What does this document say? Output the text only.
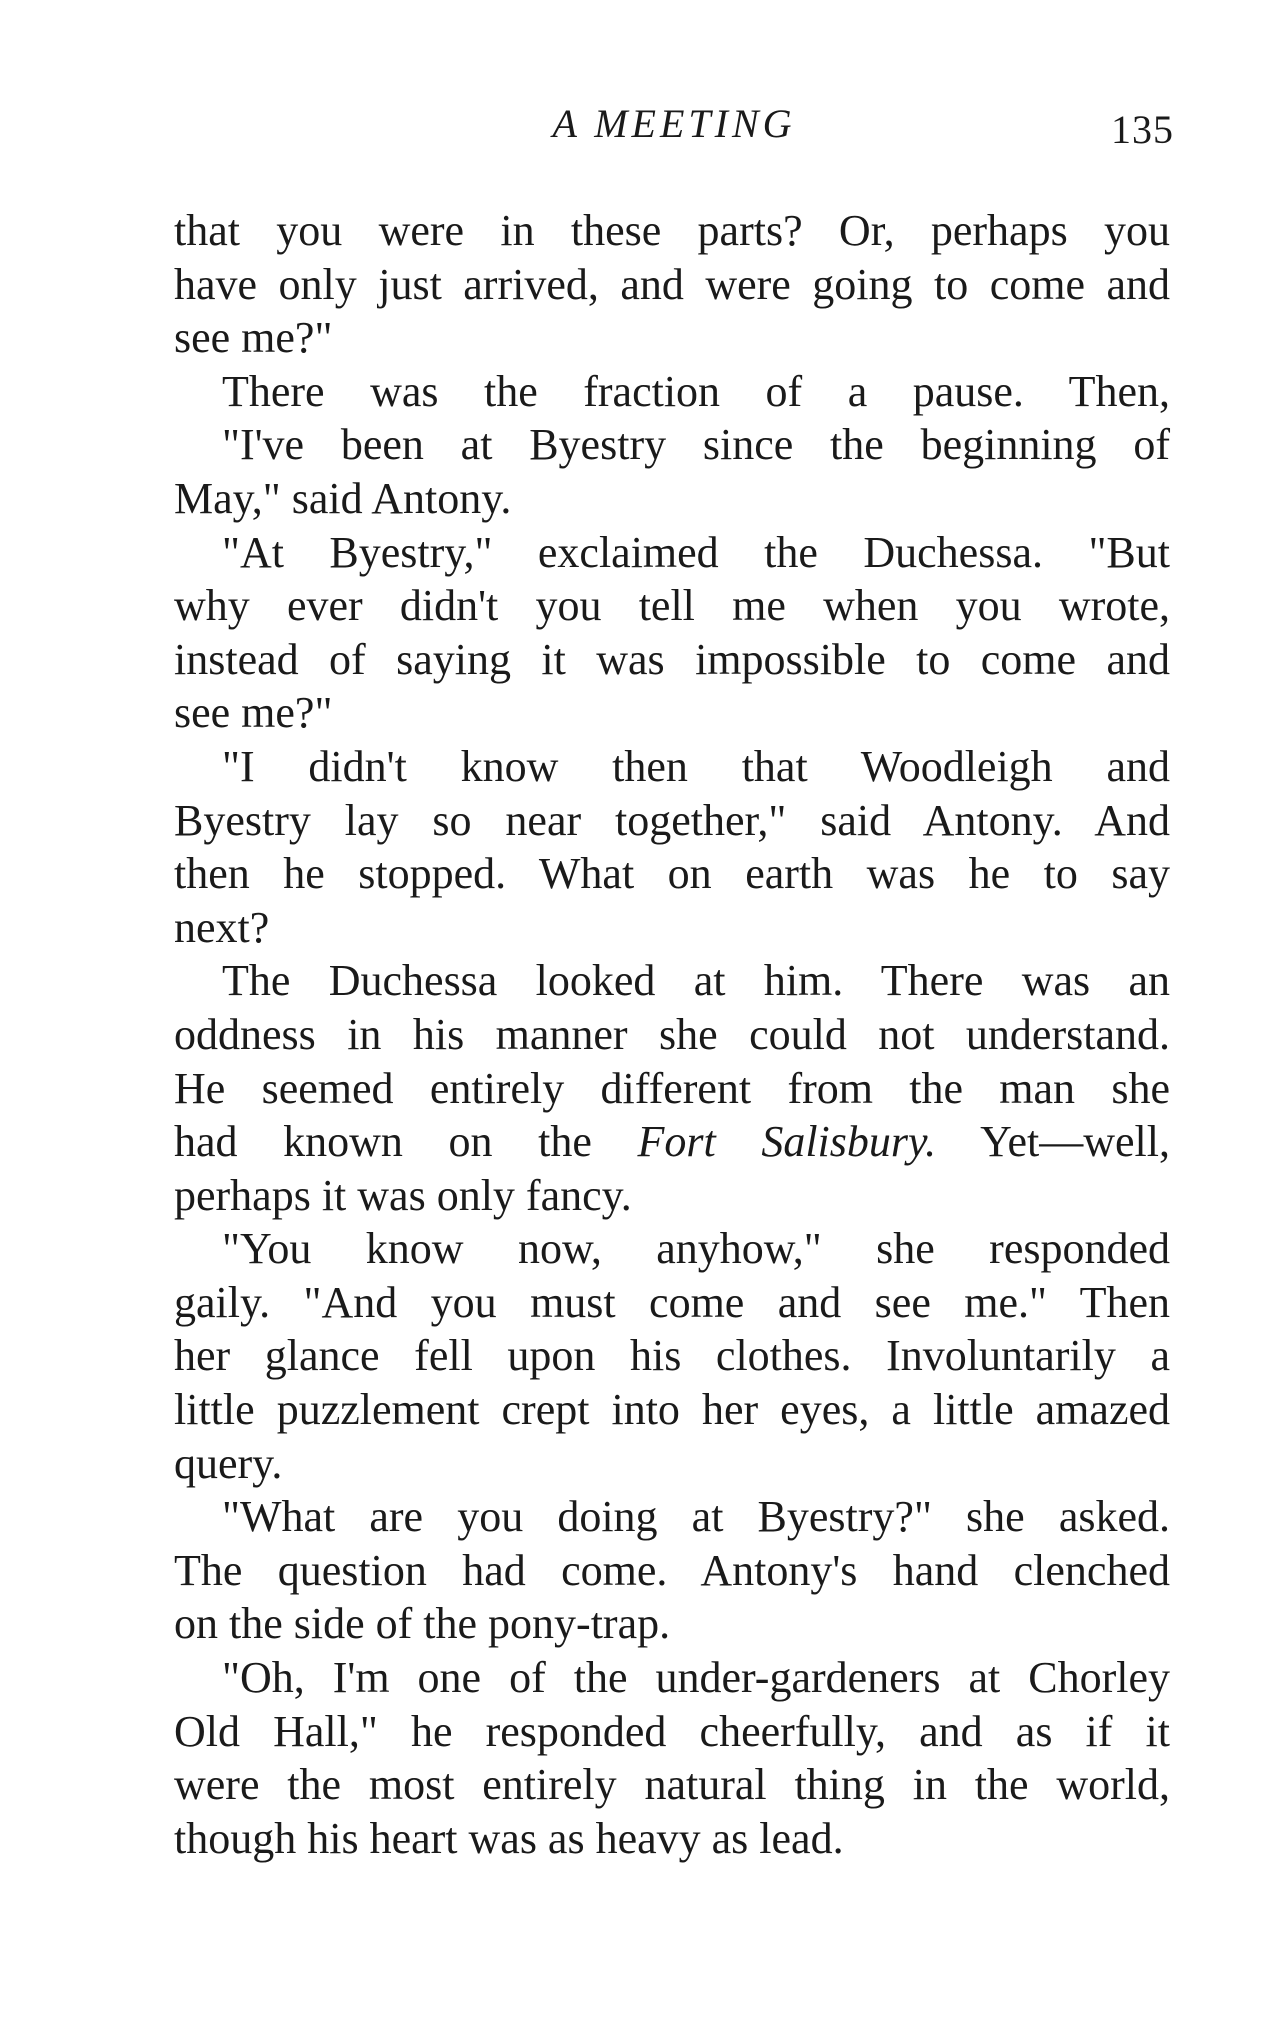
A MEETING	135

that you were in these parts? Or, perhaps you
have only just arrived, and were going to come and
see me?"

There was the fraction of a pause. Then,
"I've been at Byestry since the beginning of
May," said Antony.

"At Byestry," exclaimed the Duchessa. "But
why ever didn't you tell me when you wrote,
instead of saying it was impossible to come and
see me?"

"I didn't know then that Woodleigh and
Byestry lay so near together," said Antony. And
then he stopped. What on earth was he to say
next?

The Duchessa looked at him. There was an
oddness in his manner she could not understand.
He seemed entirely different from the man she
had known on the Fort Salisbury. Yet—well,
perhaps it was only fancy.

"You know now, anyhow," she responded
gaily. "And you must come and see me." Then
her glance fell upon his clothes. Involuntarily a
little puzzlement crept into her eyes, a little amazed
query.

"What are you doing at Byestry?" she asked.
The question had come. Antony's hand clenched
on the side of the pony-trap.

"Oh, I'm one of the under-gardeners at Chorley
Old Hall," he responded cheerfully, and as if it
were the most entirely natural thing in the world,
though his heart was as heavy as lead.
